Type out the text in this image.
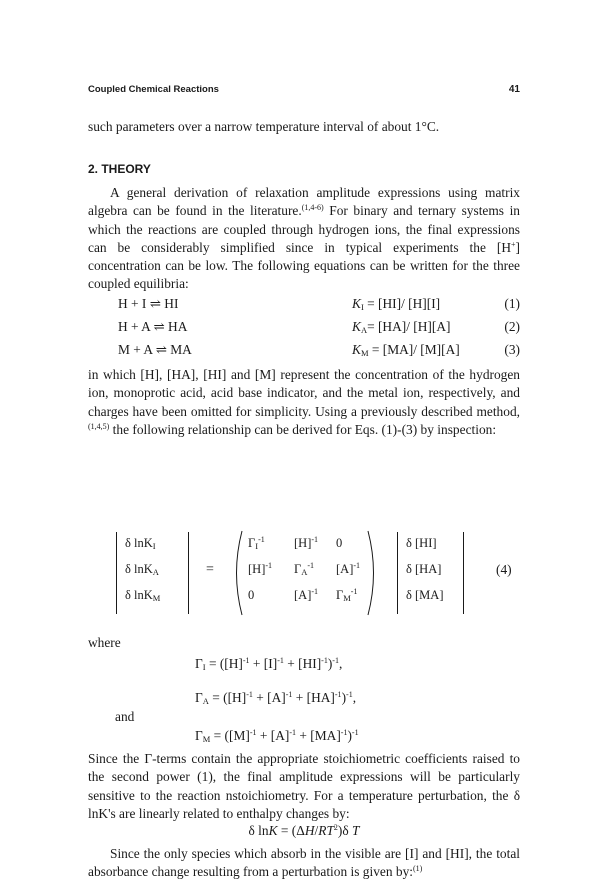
Coupled Chemical Reactions	41

such parameters over a narrow temperature interval of about 1°C.

2. THEORY

A general derivation of relaxation amplitude expressions using matrix algebra can be found in the literature.$^{(1,4-6)}$ For binary and ternary systems in which the reactions are coupled through hydrogen ions, the final expressions can be considerably simplified since in typical experiments the [H+] concentration can be low. The following equations can be written for the three coupled equilibria:

H + I ⇌ HI	$K_I = [HI]/$ [H][I]	(1)
H + A ⇌ HA	$K_A= [HA]/$ [H][A]	(2)
M + A ⇌ MA	$K_M = [MA]/$ [M][A]	(3)

in which [H], [HA], [HI] and [M] represent the concentration of the hydrogen ion, monoprotic acid, acid base indicator, and the metal ion, respectively, and charges have been omitted for simplicity. Using a previously described method,$^{(1,4,5)}$ the following relationship can be derived for Eqs. (1)-(3) by inspection:

δ lnK$_I$
δ lnK$_A$
δ lnK$_M$
=
$\Gamma_I^{-1}$ $[H]^{-1}$ 0
$[H]^{-1}$ $\Gamma_A^{-1}$ $[A]^{-1}$
0	$[A]^{-1}$ $\Gamma_M^{-1}$
δ [HI]
δ [HA]
δ [MA]
(4)
where
$\Gamma_I = ([H]^{-1} + [I]^{-1} + [HI]^{-1})^{-1}$,
$\Gamma_A = ([H]^{-1} + [A]^{-1} + [HA]^{-1})^{-1}$,
and
$\Gamma_M = ([M]^{-1} + [A]^{-1} + [MA]^{-1})^{-1}$

Since the Γ-terms contain the appropriate stoichiometric coefficients raised to the second power (1), the final amplitude expressions will be particularly sensitive to the reaction nstoichiometry. For a temperature perturbation, the δ lnK's are linearly related to enthalpy changes by:

δ $\ln K = (\Delta H/RT^2)\delta$ T

Since the only species which absorb in the visible are [I] and [HI], the total absorbance change resulting from a perturbation is given by:$^{(1)}$
